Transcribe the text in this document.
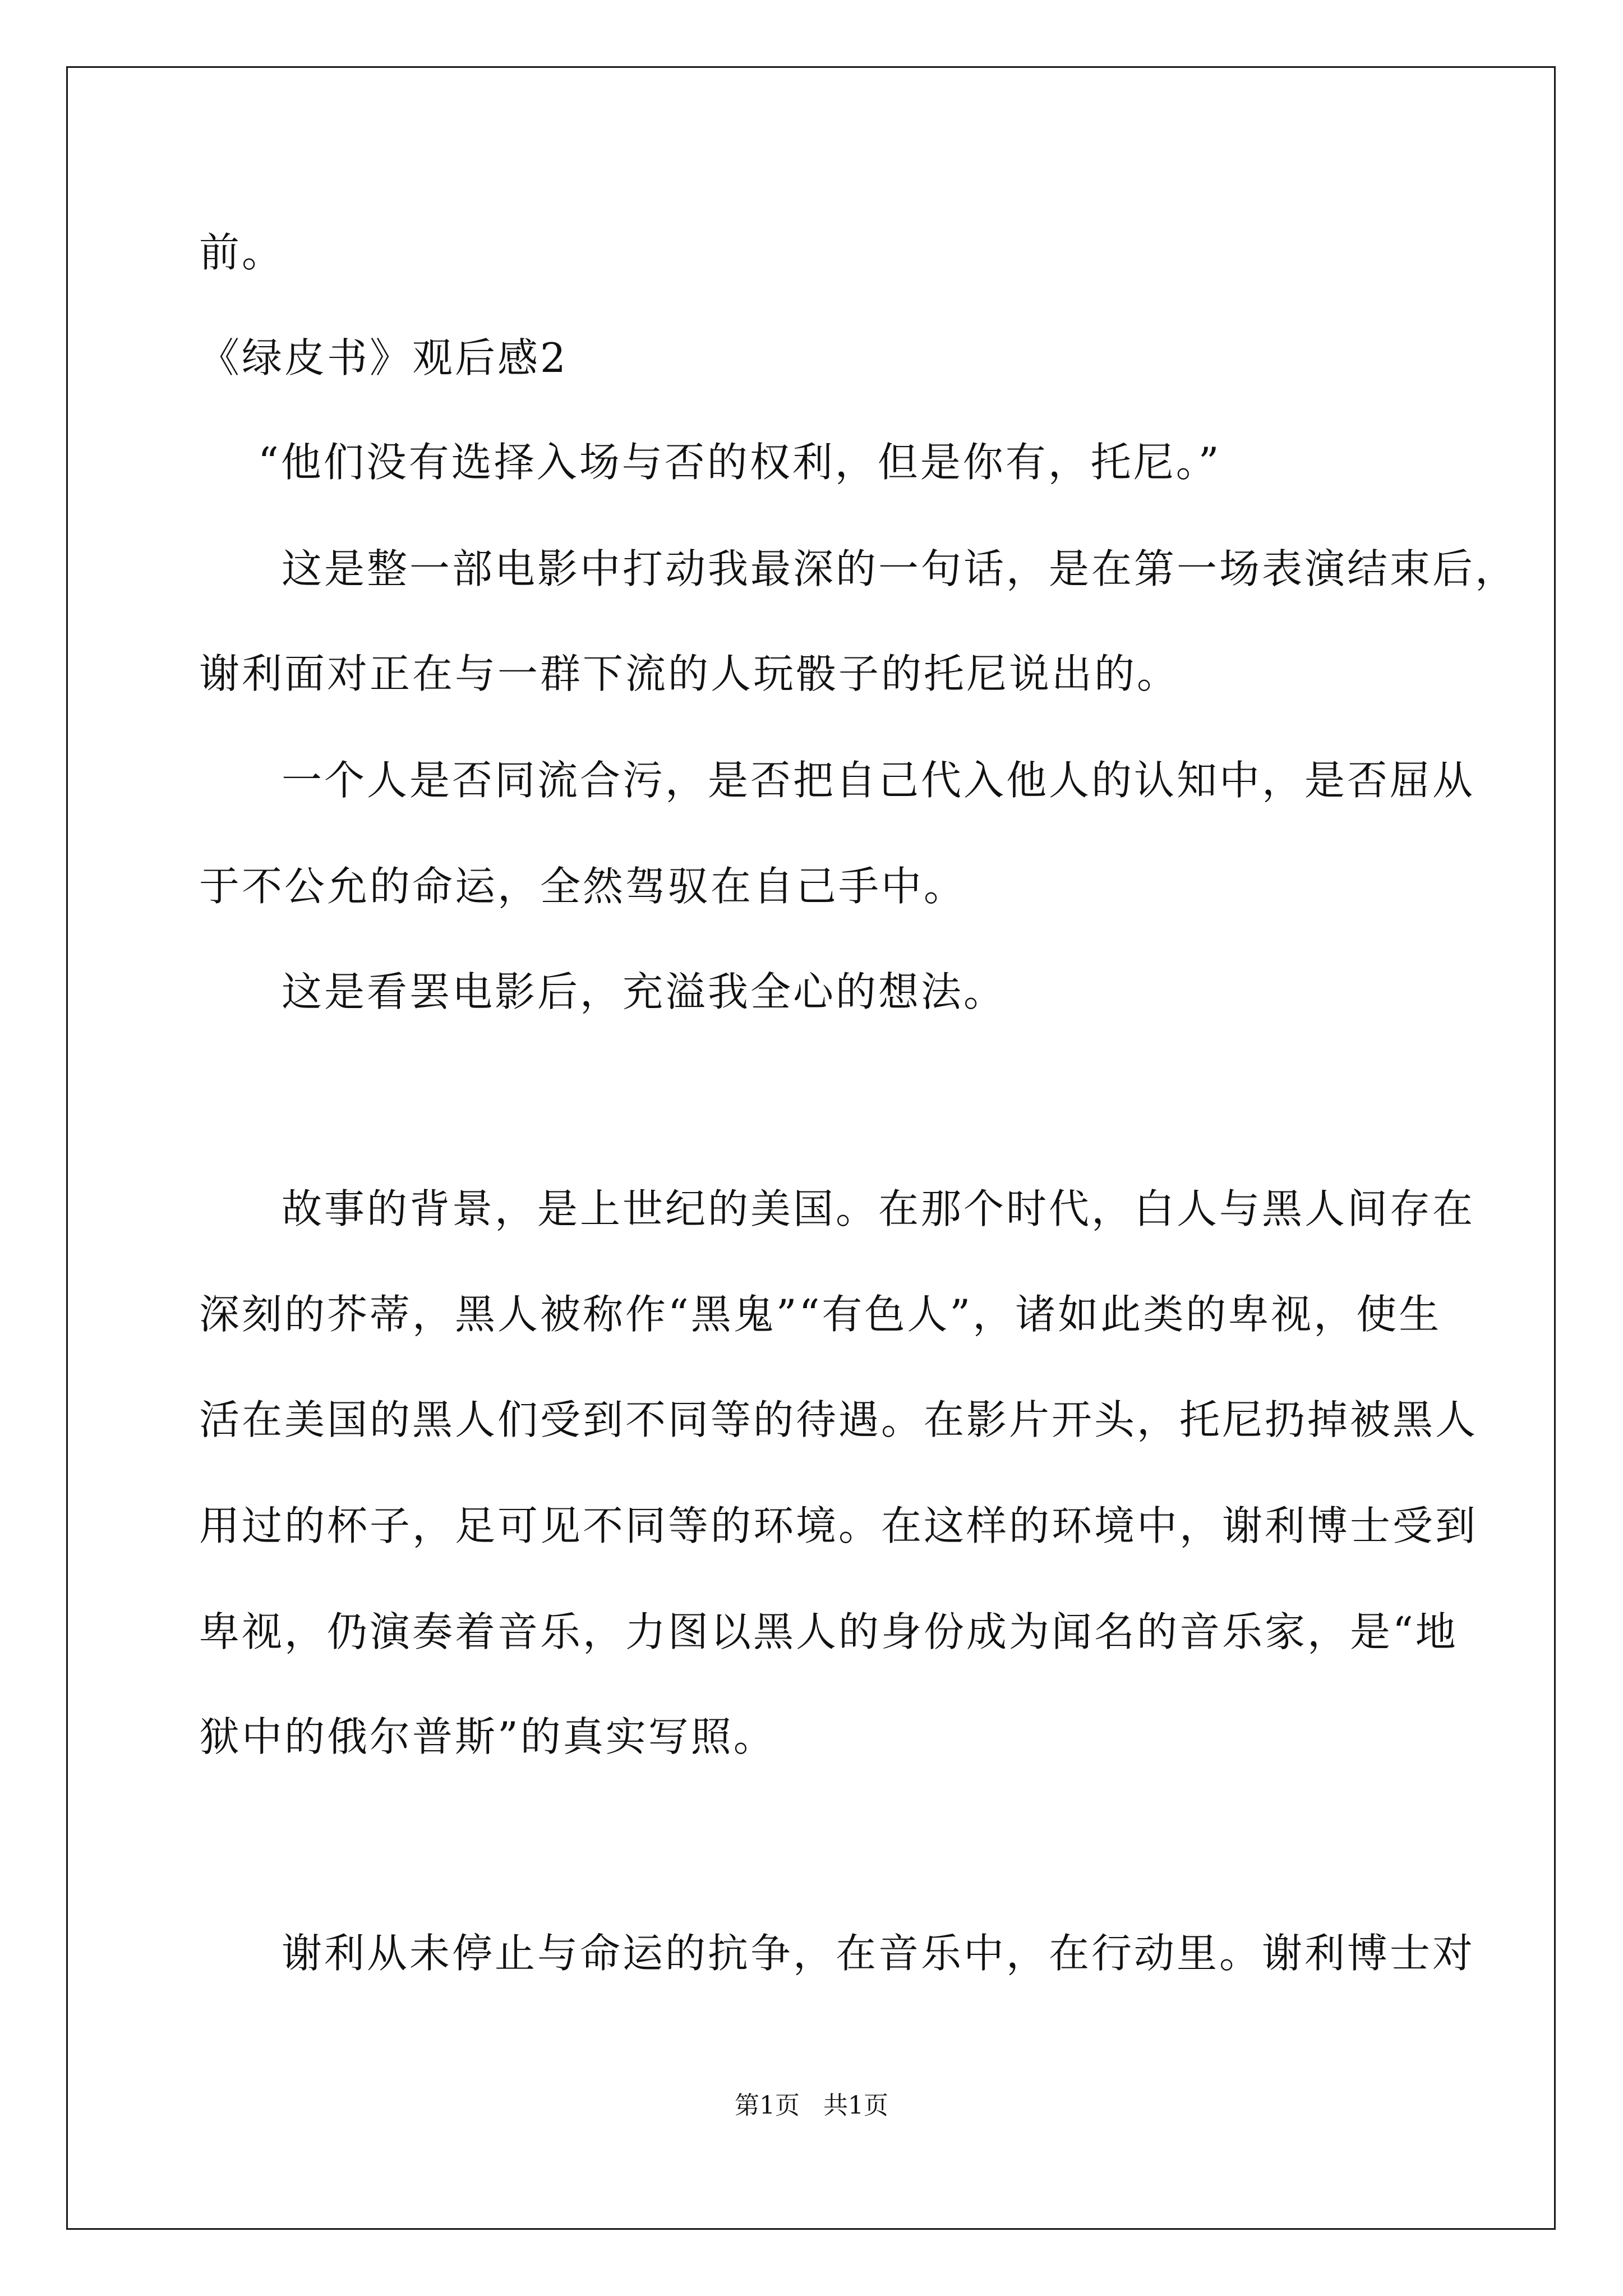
前。

《绿皮书》观后感2

“他们没有选择入场与否的权利，但是你有，托尼。”

这是整一部电影中打动我最深的一句话，是在第一场表演结束后，

谢利面对正在与一群下流的人玩骰子的托尼说出的。

一个人是否同流合污，是否把自己代入他人的认知中，是否屈从

于不公允的命运，全然驾驭在自己手中。

这是看罢电影后，充溢我全心的想法。

故事的背景，是上世纪的美国。在那个时代，白人与黑人间存在

深刻的芥蒂，黑人被称作“黑鬼”“有色人”，诸如此类的卑视，使生

活在美国的黑人们受到不同等的待遇。在影片开头，托尼扔掉被黑人

用过的杯子，足可见不同等的环境。在这样的环境中，谢利博士受到

卑视，仍演奏着音乐，力图以黑人的身份成为闻名的音乐家，是“地

狱中的俄尔普斯”的真实写照。

谢利从未停止与命运的抗争，在音乐中，在行动里。谢利博士对

第1页 共1页
